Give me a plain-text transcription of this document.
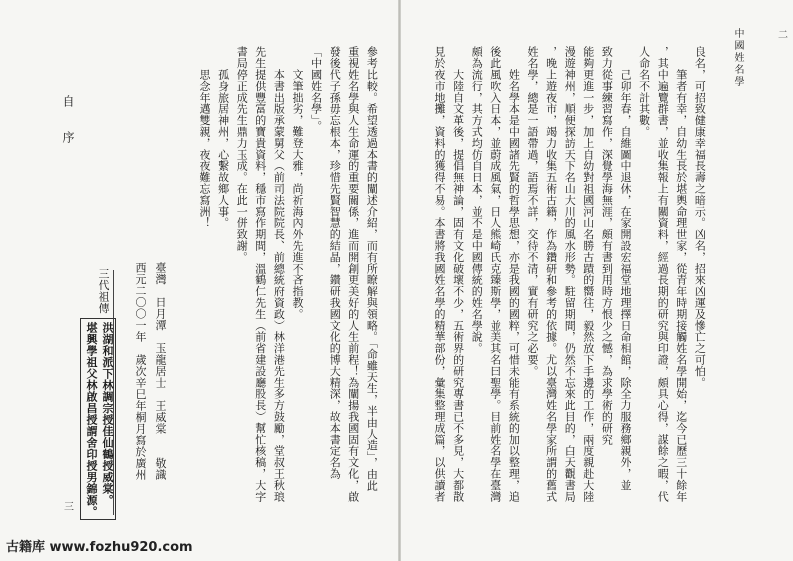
中國姓名學	二
良名，可招致健康幸福長壽之暗示。凶名，招來凶運及慘亡之可怕。
　　筆者有幸，自幼生長於堪輿命理世家，從青年時期接觸姓名學開始，迄今已歷三十餘年
，其中遍覽群書，並收集報上有關資料，經過長期的研究與印證，頗具心得，謀餘之暇，代
人命名不計其數。
　　己卯年春，自維圖中退休，在家開設宏福堂地理擇日命相館，除全力服務鄉親外，並
致力從事練習寫作，深覺學海無涯，頗有書到用時方恨少之憾，為求學術的研究
能夠更進一步，加上自幼對祖國河山名勝古蹟的嚮往，毅然放下手邊的工作，兩度親赴大陸
漫遊神州，順便探訪天下名山大川的風水形勢。駐留期間，仍然不忘來此目的，白天觀書局
，晚上遊夜市，竭力收集五術古籍，作為鑽研和參考的依據。尤以臺灣姓名學家所謂的舊式
姓名學，總是一語帶過，語焉不詳，交待不清，實有研究之必要。
　　姓名學本是中國諸先賢的哲學思想，亦是我國的國粹，可惜未能有系統的加以整理，追
後此風吹入日本，並蔚成風氣，日人熊崎氏克臻斯學，並美其名曰聖學。目前姓名學在臺灣
頗為流行，其方式均仿自日本，並不是中國傳統的姓名學說。
　　大陸自文革後，提倡無神論，固有文化破壞不少，五術界的研究專書已不多見，大都散
見於夜市地攤，資料的獲得不易。本書將我國姓名學的精華部份，彙集整理成篇，以供讀者
自　序
三
參考比較。希望透過本書的闡述介紹，而有所瞭解與領略。「命雖天生，半由人造」，由此
重視姓名學與人生命運的重要關係，進而開創更美好的人生前程！為闡揚我國固有文化，啟
發後代子孫毋忘根本，珍惜先賢智慧的結晶，鑽研我國文化的博大精深，故本書定名為
「中國姓名學」。
　　文筆拙劣，難登大雅，尚祈海內外先進不吝指教。
　　本書出版承蒙舅父（前司法院院長、前總統府資政）林洋港先生多方鼓勵，堂叔王秋琅
先生提供豐富的寶貴資料，穩市寫作期間，溫鶴仁先生（前省建設廳股長）幫忙核稿，大字
書局停正成先生鼎力玉成。在此一併致謝。
　　孤身旅居神州，心繫故鄉人事。
　　思念年邁雙親，夜夜難忘寫洲！
臺灣　日月潭　玉龍居士　王威棠　　敬識
西元二〇〇一年　歲次辛巳年桐月寫於廣州
三代祖傳
洪湖和派下林調宗授佳仙鶴授威棠。
堪興學祖父林啟昌授謂舍印授男錦源。
古籍库 www.fozhu920.com
